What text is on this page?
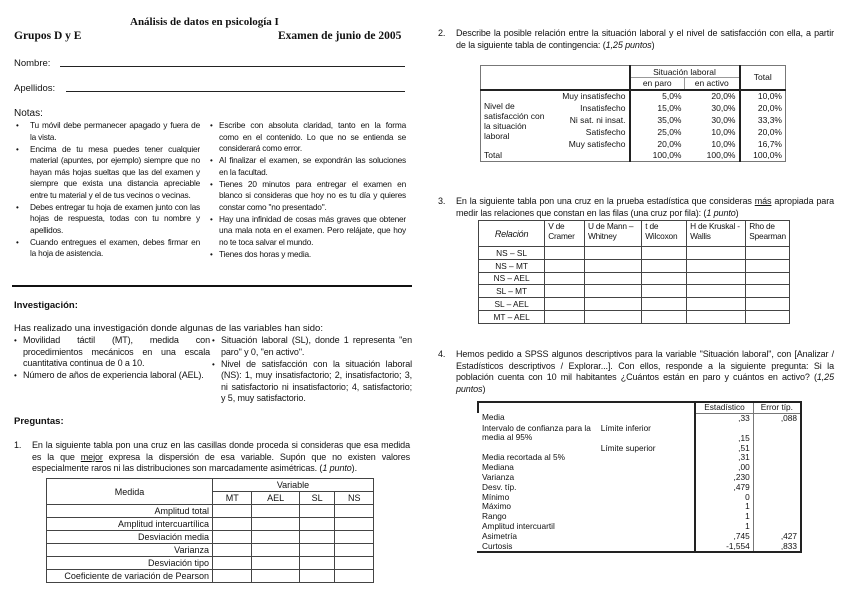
Análisis de datos en psicología I
Grupos D y E	Examen de junio de 2005
Nombre:
Apellidos:
Notas:
• Tu móvil debe permanecer apagado y fuera de la vista.
• Encima de tu mesa puedes tener cualquier material (apuntes, por ejemplo) siempre que no hayan más hojas sueltas que las del examen y siempre que exista una distancia apreciable entre tu material y el de tus vecinos o vecinas.
• Debes entregar tu hoja de examen junto con las hojas de respuesta, todas con tu nombre y apellidos.
• Cuando entregues el examen, debes firmar en la hoja de asistencia.
• Escribe con absoluta claridad, tanto en la forma como en el contenido. Lo que no se entienda se considerará como error.
• Al finalizar el examen, se expondrán las soluciones en la facultad.
• Tienes 20 minutos para entregar el examen en blanco si consideras que hoy no es tu día y quieres constar como "no presentado".
• Hay una infinidad de cosas más graves que obtener una mala nota en el examen. Pero relájate, que hoy no te toca salvar el mundo.
• Tienes dos horas y media.
Investigación:
Has realizado una investigación donde algunas de las variables han sido:
• Movilidad táctil (MT), medida con procedimientos mecánicos en una escala cuantitativa continua de 0 a 10.
• Número de años de experiencia laboral (AEL).
• Situación laboral (SL), donde 1 representa "en paro" y 0, "en activo".
• Nivel de satisfacción con la situación laboral (NS): 1, muy insatisfactorio; 2, insatisfactorio; 3, ni satisfactorio ni insatisfactorio; 4, satisfactorio; y 5, muy satisfactorio.
Preguntas:
1. En la siguiente tabla pon una cruz en las casillas donde proceda si consideras que esa medida es la que mejor expresa la dispersión de esa variable. Supón que no existen valores especialmente raros ni las distribuciones son marcadamente asimétricas. (1 punto).
Medida	Variable			
	MT	AEL	SL	NS
Amplitud total				
Amplitud intercuartílica				
Desviación media				
Varianza				
Desviación tipo				
Coeficiente de variación de Pearson				
2. Describe la posible relación entre la situación laboral y el nivel de satisfacción con ella, a partir de la siguiente tabla de contingencia: (1,25 puntos)
		Situación laboral		Total
		en paro	en activo	
Nivel de satisfacción con la situación laboral	Muy insatisfecho	5,0%	20,0%	10,0%
	Insatisfecho	15,0%	30,0%	20,0%
	Ni sat. ni insat.	35,0%	30,0%	33,3%
	Satisfecho	25,0%	10,0%	20,0%
	Muy satisfecho	20,0%	10,0%	16,7%
Total		100,0%	100,0%	100,0%
3. En la siguiente tabla pon una cruz en la prueba estadística que consideras más apropiada para medir las relaciones que constan en las filas (una cruz por fila): (1 punto)
Relación	V de Cramer	U de Mann – Whitney	t de Wilcoxon	H de Kruskal - Wallis	Rho de Spearman
NS – SL					
NS – MT					
NS – AEL					
SL – MT					
SL – AEL					
MT – AEL					
4. Hemos pedido a SPSS algunos descriptivos para la variable "Situación laboral", con [Analizar / Estadísticos descriptivos / Explorar...]. Con ellos, responde a la siguiente pregunta: Si la población cuenta con 10 mil habitantes ¿Cuántos están en paro y cuántos en activo? (1,25 puntos)
		Estadístico	Error típ.
Media		,33	,088
Intervalo de confianza para la media al 95%	Límite inferior	,15	
	Límite superior	,51	
Media recortada al 5%		,31	
Mediana		,00	
Varianza		,230	
Desv. típ.		,479	
Mínimo		0	
Máximo		1	
Rango		1	
Amplitud intercuartil		1	
Asimetría		,745	,427
Curtosis		-1,554	,833
